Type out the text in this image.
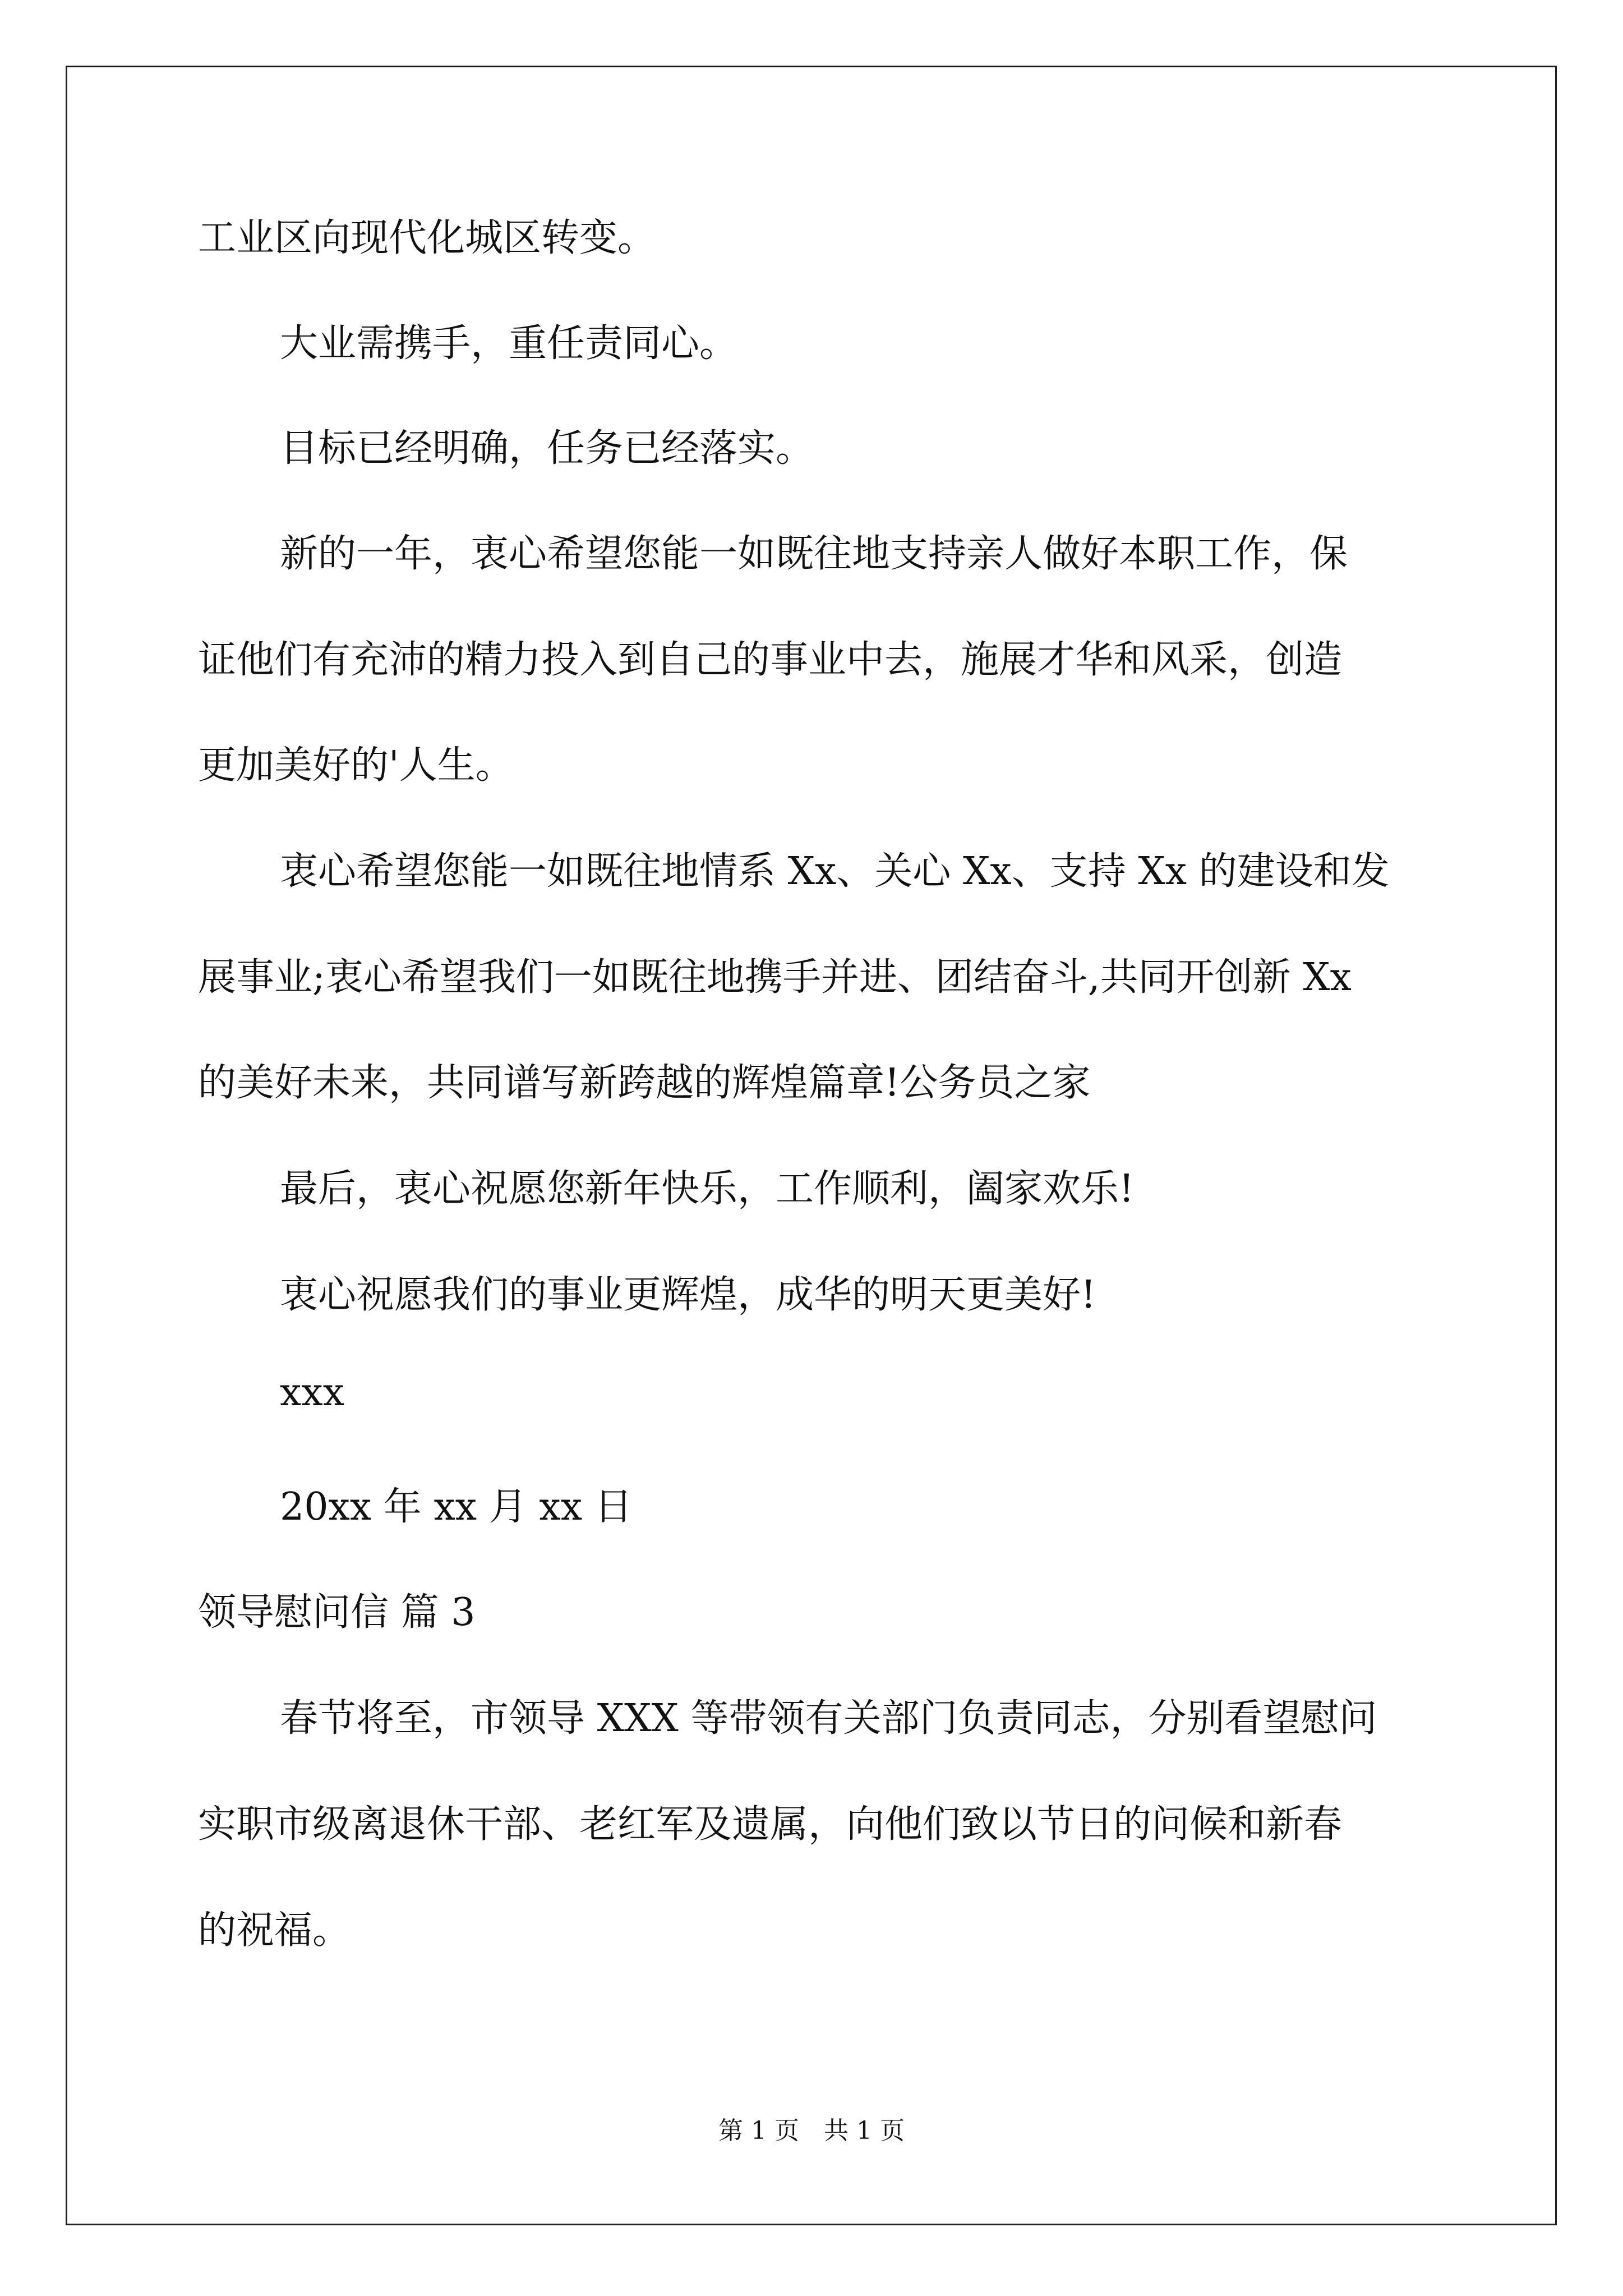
工业区向现代化城区转变。
大业需携手，重任责同心。
目标已经明确，任务已经落实。
新的一年，衷心希望您能一如既往地支持亲人做好本职工作，保
证他们有充沛的精力投入到自己的事业中去，施展才华和风采，创造
更加美好的'人生。
衷心希望您能一如既往地情系 Xx、关心 Xx、支持 Xx 的建设和发
展事业;衷心希望我们一如既往地携手并进、团结奋斗,共同开创新 Xx
的美好未来，共同谱写新跨越的辉煌篇章!公务员之家
最后，衷心祝愿您新年快乐，工作顺利，阖家欢乐!
衷心祝愿我们的事业更辉煌，成华的明天更美好!
xxx
20xx 年 xx 月 xx 日
领导慰问信 篇 3
春节将至，市领导 XXX 等带领有关部门负责同志，分别看望慰问
实职市级离退休干部、老红军及遗属，向他们致以节日的问候和新春
的祝福。
第 1 页　共 1 页
